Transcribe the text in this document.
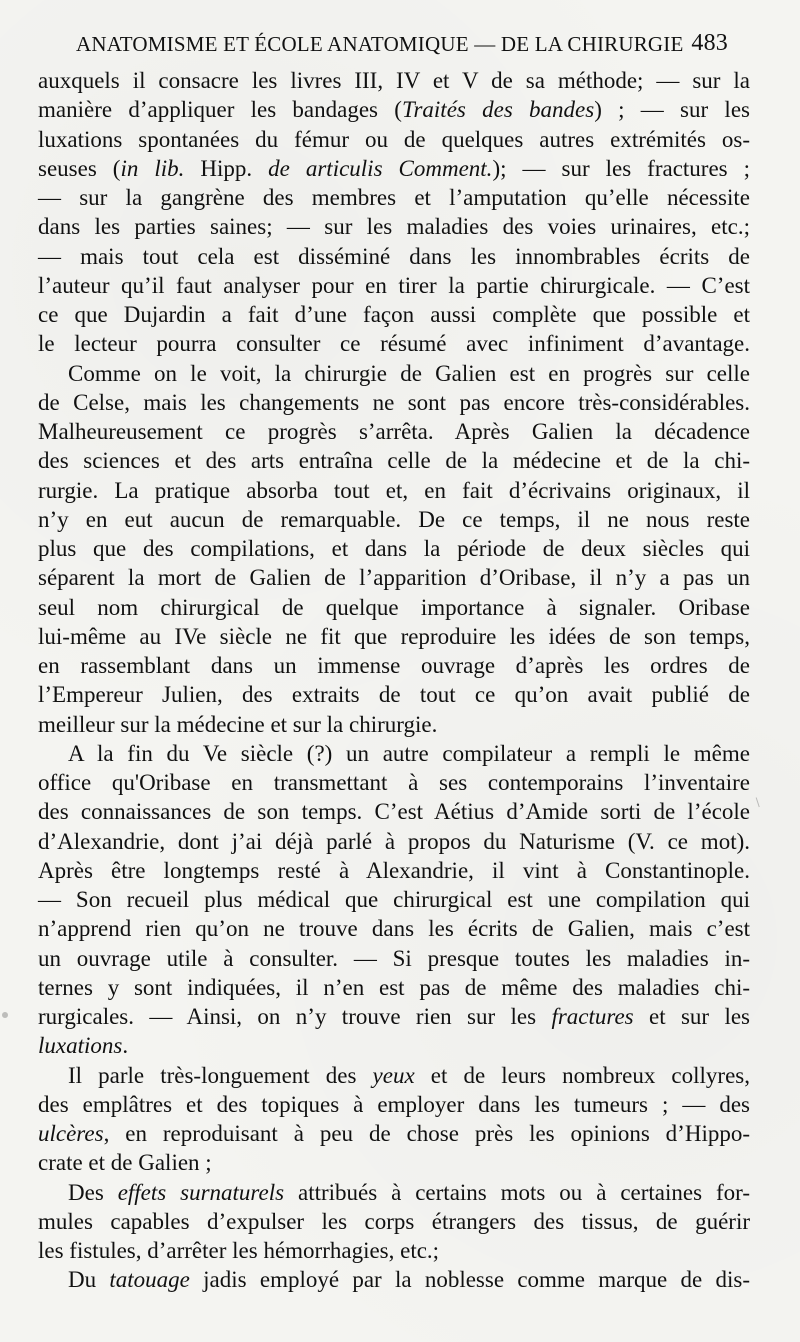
ANATOMISME ET ÉCOLE ANATOMIQUE — DE LA CHIRURGIE 483
auxquels il consacre les livres III, IV et V de sa méthode; — sur la
manière d’appliquer les bandages (Traités des bandes) ; — sur les
luxations spontanées du fémur ou de quelques autres extrémités os-
seuses (in lib. Hipp. de articulis Comment.); — sur les fractures ;
— sur la gangrène des membres et l’amputation qu’elle nécessite
dans les parties saines; — sur les maladies des voies urinaires, etc.;
— mais tout cela est disséminé dans les innombrables écrits de
l’auteur qu’il faut analyser pour en tirer la partie chirurgicale. — C’est
ce que Dujardin a fait d’une façon aussi complète que possible et
le lecteur pourra consulter ce résumé avec infiniment d’avantage.
Comme on le voit, la chirurgie de Galien est en progrès sur celle
de Celse, mais les changements ne sont pas encore très-considérables.
Malheureusement ce progrès s’arrêta. Après Galien la décadence
des sciences et des arts entraîna celle de la médecine et de la chi-
rurgie. La pratique absorba tout et, en fait d’écrivains originaux, il
n’y en eut aucun de remarquable. De ce temps, il ne nous reste
plus que des compilations, et dans la période de deux siècles qui
séparent la mort de Galien de l’apparition d’Oribase, il n’y a pas un
seul nom chirurgical de quelque importance à signaler. Oribase
lui-même au IVe siècle ne fit que reproduire les idées de son temps,
en rassemblant dans un immense ouvrage d’après les ordres de
l’Empereur Julien, des extraits de tout ce qu’on avait publié de
meilleur sur la médecine et sur la chirurgie.
A la fin du Ve siècle (?) un autre compilateur a rempli le même
office qu'Oribase en transmettant à ses contemporains l’inventaire
des connaissances de son temps. C’est Aétius d’Amide sorti de l’école
d’Alexandrie, dont j’ai déjà parlé à propos du Naturisme (V. ce mot).
Après être longtemps resté à Alexandrie, il vint à Constantinople.
— Son recueil plus médical que chirurgical est une compilation qui
n’apprend rien qu’on ne trouve dans les écrits de Galien, mais c’est
un ouvrage utile à consulter. — Si presque toutes les maladies in-
ternes y sont indiquées, il n’en est pas de même des maladies chi-
rurgicales. — Ainsi, on n’y trouve rien sur les fractures et sur les
luxations.
Il parle très-longuement des yeux et de leurs nombreux collyres,
des emplâtres et des topiques à employer dans les tumeurs ; — des
ulcères, en reproduisant à peu de chose près les opinions d’Hippo-
crate et de Galien ;
Des effets surnaturels attribués à certains mots ou à certaines for-
mules capables d’expulser les corps étrangers des tissus, de guérir
les fistules, d’arrêter les hémorrhagies, etc.;
Du tatouage jadis employé par la noblesse comme marque de dis-
